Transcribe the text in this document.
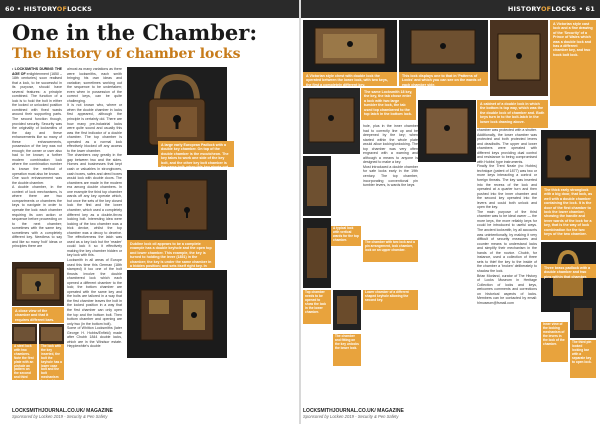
60 • HISTORYOFLOCKS	HISTORYOFLOCKS • 61
One in the Chamber:
The history of chamber locks

• LOCKSMITHS DURING THE AGE OF enlightenment (1650 – 18th centuries) soon realised that a lock, to be successful in its purpose, should have several features: a principle combined. The function of a lock is to hold the bolt in either the locked or unlocked position combined with fixed wards around their supporting parts. The second function though, provided security. Security was the originality of locksmiths of the day and these enhancements like so many of these enhancements, possession of the key was not enough; the owner or user also had to be known; a further modern combination lock where the combination number is known the method of operation must also be known.

One such enhancement was the double chamber.

A double chamber, in the context of lock mechanisms, is where there are two compartments or chambers the keys to navigate in order to operate the lock: each chamber requiring its own action or sequence before proceeding on to the next chamber; sometimes with the same key, sometimes with a completely different key. Needless to say and like so many 'bolt' ideas or principles there are

almost as many variations as there were locksmiths, each smith bringing his own ideas and variation; sometimes working out the sequence to be undertaken; even when in possession of the correct keys, can be quite challenging.

It is not known who, where or when the double chamber in locks first appeared, although the principle is certainly old. There are how many pre-industrial locks were quite sound and usually this was the first indicator of a double chamber. The top chamber is operated as a normal lock effectively blocked off any access to the lower chamber.

The chambers vary greatly in the gap between two and the sides. Homes and businesses that kept cash or valuables in strongboxes, cash boxes, safes and deed boxes would lock with double doors. The chambers are made in the modern era among double chambers. In one example the third top chamber wards off any key operate which, but once the sets of the key closed lock the first and the lower chamber, which used a completely different key as a double-throw locking bolt. Interesting idea were locking of the two chamber was a trick device, whilst the top chamber was a decoy to deceive. The effectiveness the latch was used as a key lock but the 'reader' could lock it so it effectively making the key chamber hidden or key lock with this.

Locksmith in all areas of Europe used this time this German (18th stamped) it too one of the bolt thrusts involve the double chambered lock which each opened a different chamber to the lock; the bottom chamber are operated with the same key and the bolts are tailored in a way that the first chamber leaves the bolt in the locked position in a way that the first chamber can only open the top and the bottom bolt. Then bottom chamber and opening are only two (in the bottom bolt).

Some of Whitton Locksmiths (later George H. Hobbs/Enfield) made after Chubb 1844 double locks, which are in the Windsor estate. Hepplewhite's double

A close view of the chamber and that it requires different bars.
A large early European Padlock with a double key chamber. On top of the double chamber is the escutcheon. The key takes to work one side of the key bolt, and the other key bolt chamber is the same bolt; when this key pivots out
Dubline lock oil appears to be a complete example has a double keyhole and the open top and lower chamber. This example, the key is turned to holding the lever (1851) in the chamber; the key is under the same chamber in a hidden position; and sets itself right key. In
A steel lock with two chambers. Note the first plate with an pinhole an pattern on the second and third chamber.
The lock with the key inserted, the bolt the keyhole has a lower case bolt and the bolt mechanism for double locks.
A Victorian style cast lock and a fine drawing of the 'Security' of a Prince of Wales which was a double lock and has a different chamber key, and two hook bolt lock.
A Victorian style chest with double lock the operated between the lower lock, with two keys, the first a completely different key.
This lock displays one to that in 'Patterns of Locks' and which you can see on the wards of each chamber side.
The same Locksmith 18 key, the key, the tab chose enter a lock with two large tumbler the lock, the tab used top chambered to the top latch in the bottom lock.
A cabinet of a double lock in which the bottom is top way, which was the the double lock of chamber and. Both keys turn in to the bolt-latch in the lower lock drawing above.

hole, plus in the inner chamber had to correctly line up and be deepened by the key; when started within the whole plate would allow locking/unlocking. The top chamber was very often engraved with a warning and although a means to anyone is designed to make a key.

Most introduced a double chamber for safe locks early in the 19th century. The top chamber, incorporating conventional pin tumbler levers, is wards the keys

chamber was protected with a shutter. Additionally, the lower chamber was protected and both protected levers and deadbolts. The upper and lower chambers were operated with different keys providing dual control and resistance to being compromised with Hobbs' type instruments.

Finally the Trent Neale (no Hobbs) technique (patent of 1877) was two or more keys interacting a control or foreign threats. The key was inserted into the recess of the lock and operated at a quarter turn and then pushed into the inner chamber and the second key operated into the levers and could both unlock and open the key.

The main purpose of the third chamber was to be ideal owner — the more keys, the more reliably keys for could be introduced to useful ways. The ancient locksmith, by all accounts was unintentionally, by making it very difficult of security measures and counter means to understand locks and simplify their mechanism in the hands of the novice. Chubb, for instance, used a collection of three sets to thief the key to the inside of the chamber a 'broken' deliberately to shadow the lock.

Brian Morland, curator of The History of Locks Museum in Heritage Collection of locks and keys, welcomes comments and corrections on historical aspects of locks. Members can be contacted by email: hlmuseum@fsmail.com

The thick early stronglock with a big door, that lock, as well with a double chamber containing the lock. It is the door of the first chamber to lock the lower chamber, showing the handle and lever wards of the lock for a key, that is the way of lock combination for the two keys of the two chamber.
A typical lock with vertical wards for the top chamber.
The chamber with two lock and a pin arrangement, lock chamber, lock on an upper chamber.
Top chamber needs to be opened to show the lock in the lower chamber.
Lower chamber of a different shaped keyhole allowing the second key.
Three brass padlock with a double chamber and two pins within that chamber.
Inner view of the locking mechanism of the levers in the lock of the chamber.	The third pin looked locking bar with a separate key to open lock.
The chamber and fitting on the key unlocks the lower lock.
LOCKSMITHJOURNAL.CO.UK/ MAGAZINE
Sponsored by Locken 2019 - Security & Pen Safety
LOCKSMITHJOURNAL.CO.UK/ MAGAZINE
Sponsored by Locken 2019 - Security & Pen Safety
